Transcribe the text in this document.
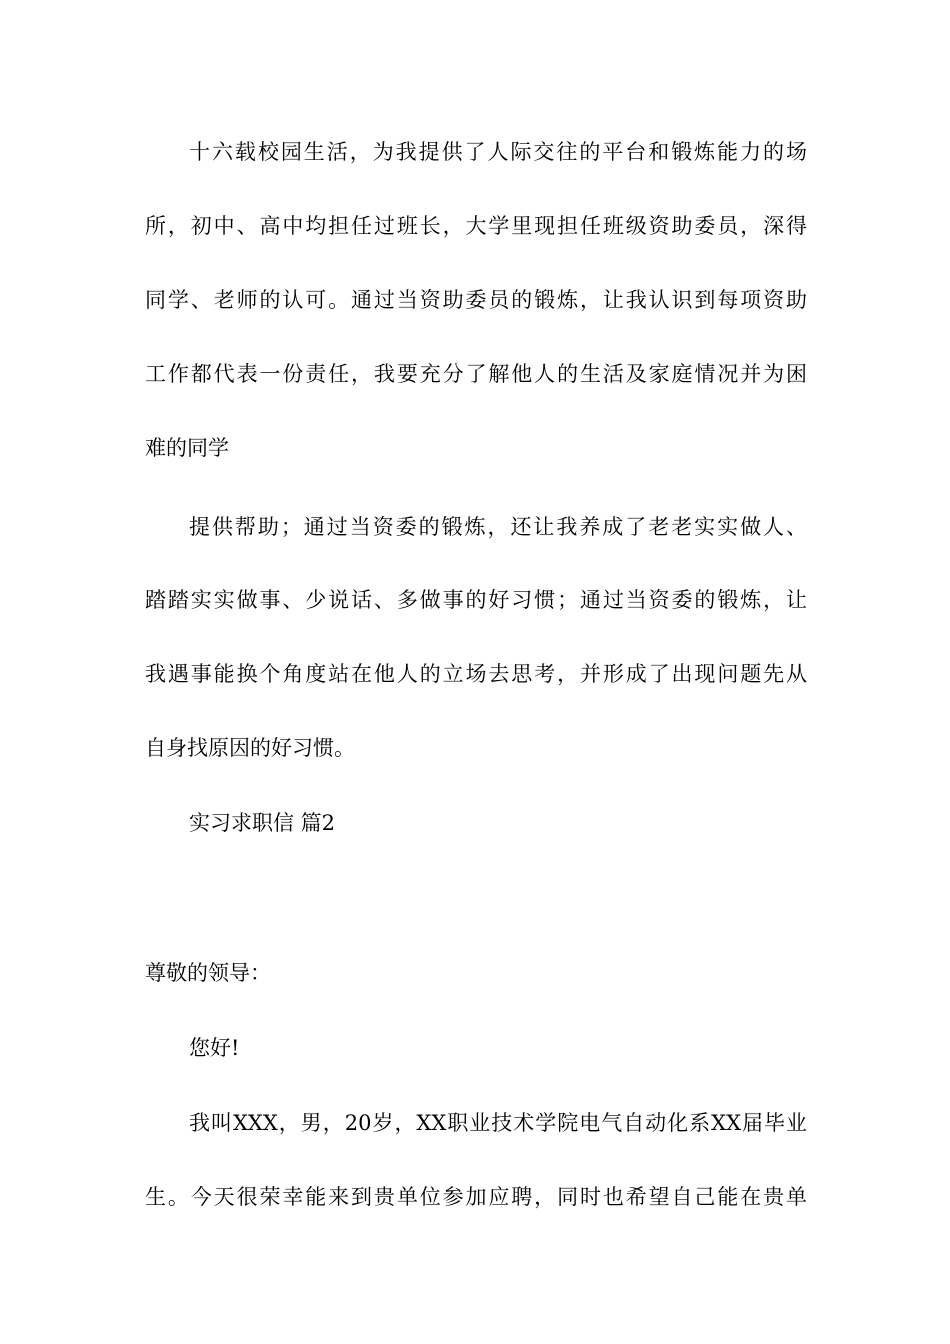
十六载校园生活，为我提供了人际交往的平台和锻炼能力的场
所，初中、高中均担任过班长，大学里现担任班级资助委员，深得
同学、老师的认可。通过当资助委员的锻炼，让我认识到每项资助
工作都代表一份责任，我要充分了解他人的生活及家庭情况并为困
难的同学
提供帮助；通过当资委的锻炼，还让我养成了老老实实做人、
踏踏实实做事、少说话、多做事的好习惯；通过当资委的锻炼，让
我遇事能换个角度站在他人的立场去思考，并形成了出现问题先从
自身找原因的好习惯。
实习求职信 篇2
尊敬的领导：
您好!
我叫XXX，男，20岁，XX职业技术学院电气自动化系XX届毕业
生。今天很荣幸能来到贵单位参加应聘，同时也希望自己能在贵单
